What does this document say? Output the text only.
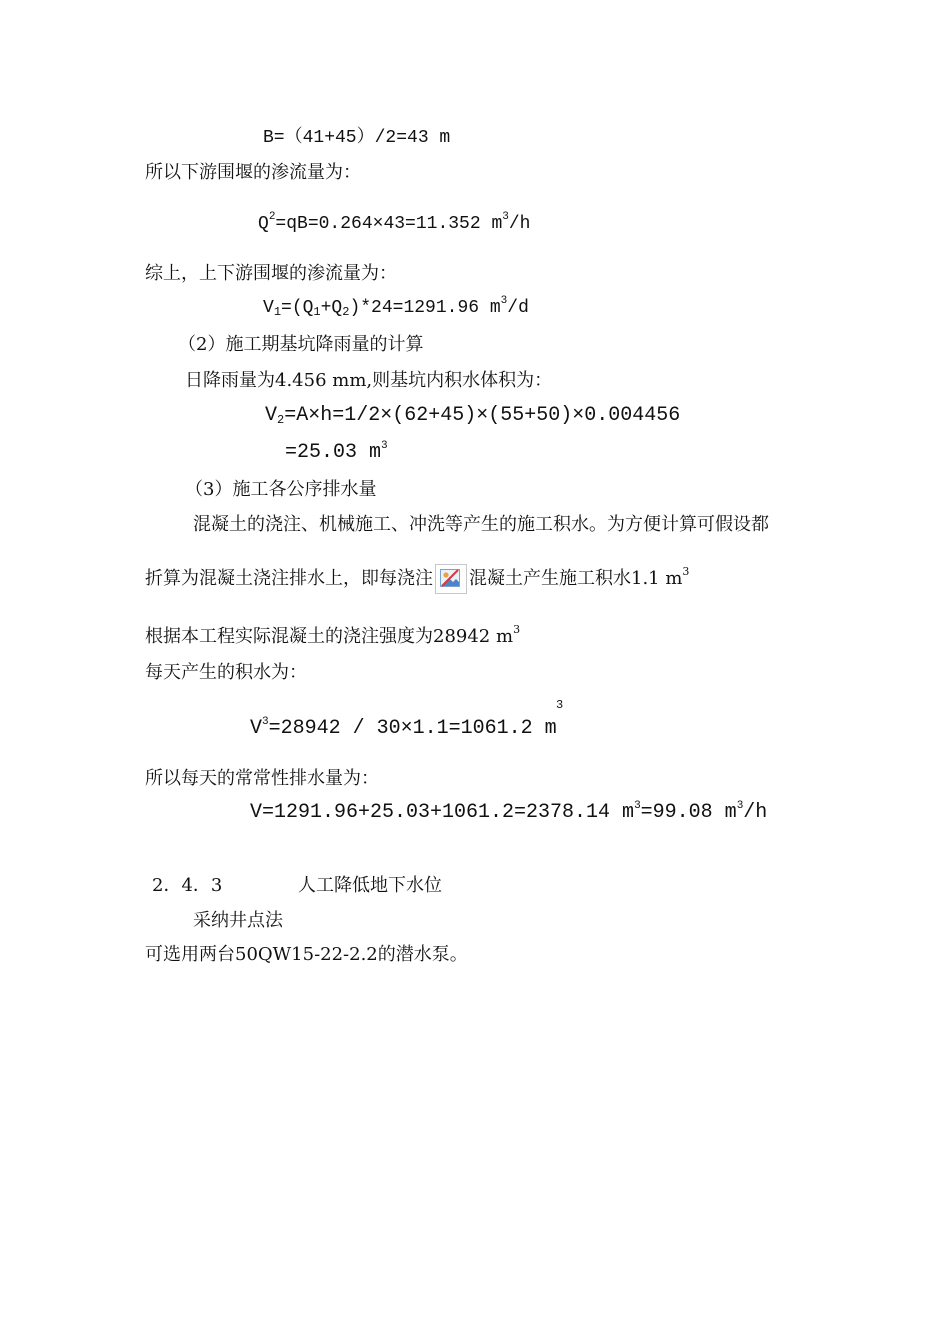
B=（41+45）/2=43 m
所以下游围堰的渗流量为：
$Q^2=qB=0.264\times 43=11.352$ $m^3/h$
综上，上下游围堰的渗流量为：
$V_1=(Q_1+Q_2)*24=1291.96$ $m^3/d$
（2）施工期基坑降雨量的计算
日降雨量为4.456 mm,则基坑内积水体积为：
$V_2=A\times h=1/2\times(62+45)\times(55+50)\times 0.004456$
=25.03 $m^3$
（3）施工各公序排水量
混凝土的浇注、机械施工、冲洗等产生的施工积水。为方便计算可假设都
折算为混凝土浇注排水上，即每浇注 混凝土产生施工积水1.1 $m^3$
根据本工程实际混凝土的浇注强度为28942 $m^3$
每天产生的积水为：
$V^3=28942 / 30\times 1.1=1061.2$ m
3
所以每天的常常性排水量为：
V=1291.96+25.03+1061.2=2378.14 $m^3=99.08$ $m^3/h$
2．4．3	人工降低地下水位
采纳井点法
可选用两台50QW15-22-2.2的潜水泵。
